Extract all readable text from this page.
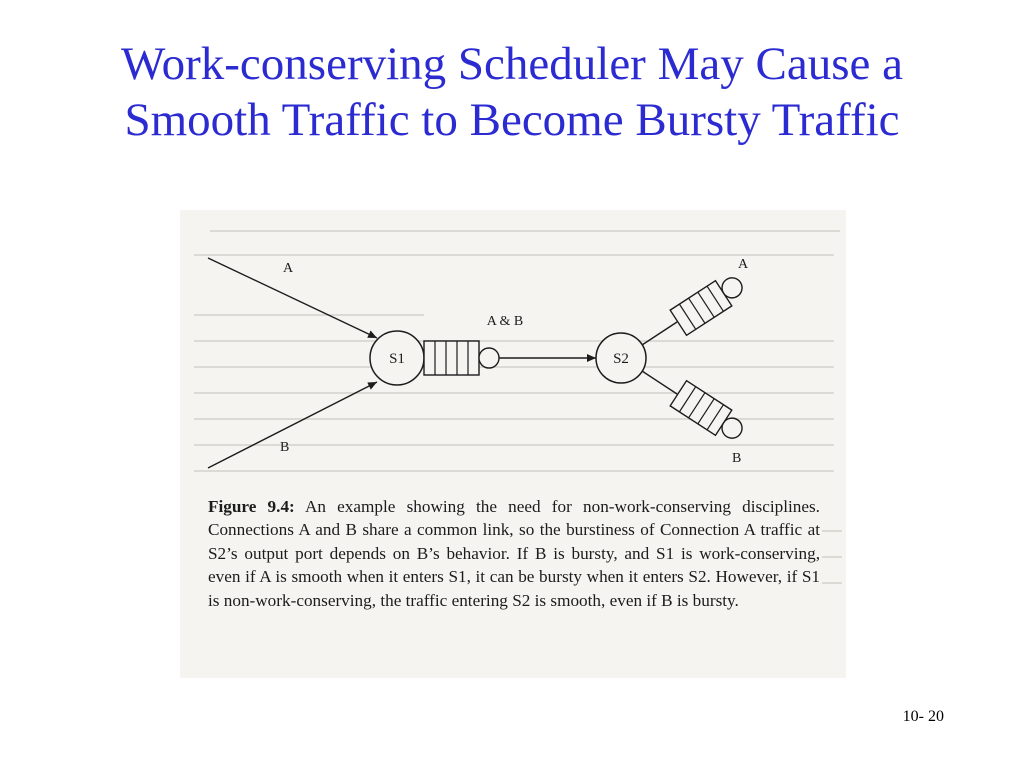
Work-conserving Scheduler May Cause a
Smooth Traffic to Become Bursty Traffic
A
B
S1
A & B
S2
A
B

Figure 9.4: An example showing the need for non-work-conserving disciplines. Connections A and B share a common link, so the burstiness of Connection A traffic at S2’s output port depends on B’s behavior. If B is bursty, and S1 is work-conserving, even if A is smooth when it enters S1, it can be bursty when it enters S2. However, if S1 is non-work-conserving, the traffic entering S2 is smooth, even if B is bursty.

10- 20
